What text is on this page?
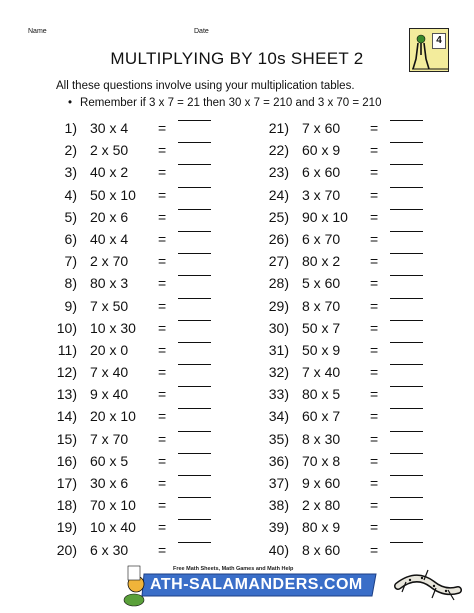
Name	Date
MULTIPLYING BY 10s SHEET 2
4
All these questions involve using your multiplication tables.
• Remember if 3 x 7 = 21 then 30 x 7 = 210 and 3 x 70 = 210
1) 30 x 4 =
2) 2 x 50 =
3) 40 x 2 =
4) 50 x 10 =
5) 20 x 6 =
6) 40 x 4 =
7) 2 x 70 =
8) 80 x 3 =
9) 7 x 50 =
10) 10 x 30 =
11) 20 x 0 =
12) 7 x 40 =
13) 9 x 40 =
14) 20 x 10 =
15) 7 x 70 =
16) 60 x 5 =
17) 30 x 6 =
18) 70 x 10 =
19) 10 x 40 =
20) 6 x 30 =
21) 7 x 60 =
22) 60 x 9 =
23) 6 x 60 =
24) 3 x 70 =
25) 90 x 10 =
26) 6 x 70 =
27) 80 x 2 =
28) 5 x 60 =
29) 8 x 70 =
30) 50 x 7 =
31) 50 x 9 =
32) 7 x 40 =
33) 80 x 5 =
34) 60 x 7 =
35) 8 x 30 =
36) 70 x 8 =
37) 9 x 60 =
38) 2 x 80 =
39) 80 x 9 =
40) 8 x 60 =
Free Math Sheets, Math Games and Math Help
ATH-SALAMANDERS.COM
